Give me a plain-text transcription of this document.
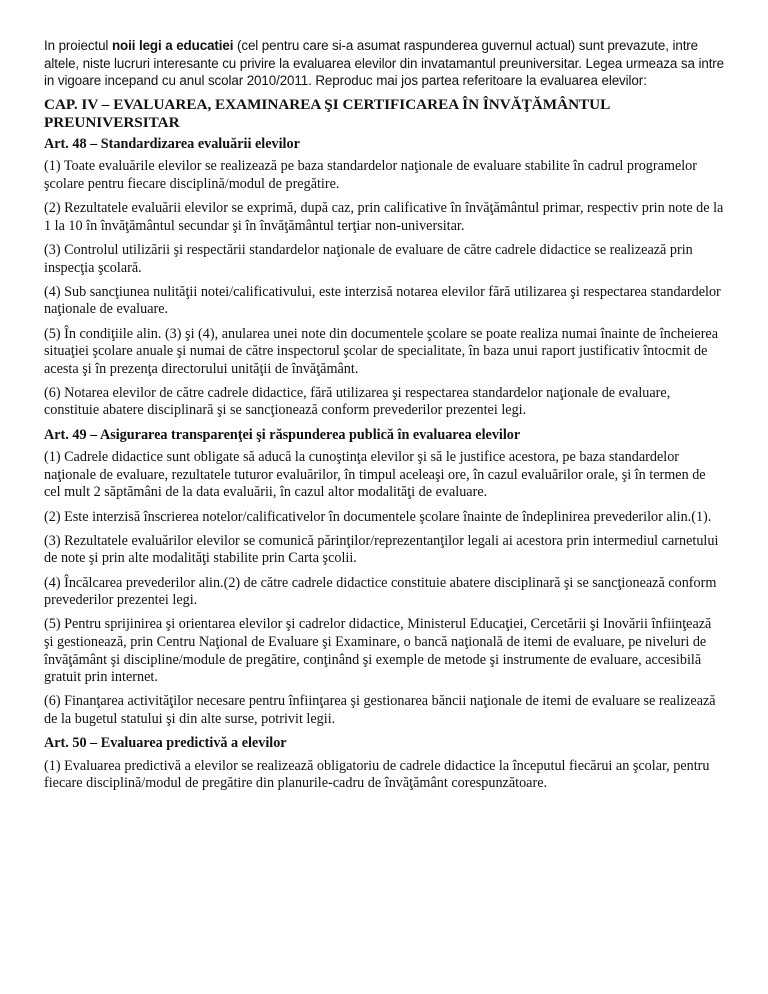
In proiectul noii legi a educatiei (cel pentru care si-a asumat raspunderea guvernul actual) sunt prevazute, intre altele, niste lucruri interesante cu privire la evaluarea elevilor din invatamantul preuniversitar. Legea urmeaza sa intre in vigoare incepand cu anul scolar 2010/2011. Reproduc mai jos partea referitoare la evaluarea elevilor:

CAP. IV – EVALUAREA, EXAMINAREA ŞI CERTIFICAREA ÎN ÎNVĂŢĂMÂNTUL PREUNIVERSITAR
Art. 48 – Standardizarea evaluării elevilor

(1) Toate evaluările elevilor se realizează pe baza standardelor naţionale de evaluare stabilite în cadrul programelor şcolare pentru fiecare disciplină/modul de pregătire.

(2) Rezultatele evaluării elevilor se exprimă, după caz, prin calificative în învăţământul primar, respectiv prin note de la 1 la 10 în învăţământul secundar şi în învăţământul terţiar non-universitar.

(3) Controlul utilizării şi respectării standardelor naţionale de evaluare de către cadrele didactice se realizează prin inspecţia şcolară.

(4) Sub sancţiunea nulităţii notei/calificativului, este interzisă notarea elevilor fără utilizarea şi respectarea standardelor naţionale de evaluare.

(5) În condiţiile alin. (3) şi (4), anularea unei note din documentele şcolare se poate realiza numai înainte de încheierea situaţiei şcolare anuale şi numai de către inspectorul şcolar de specialitate, în baza unui raport justificativ întocmit de acesta şi în prezenţa directorului unităţii de învăţământ.

(6) Notarea elevilor de către cadrele didactice, fără utilizarea şi respectarea standardelor naţionale de evaluare, constituie abatere disciplinară şi se sancţionează conform prevederilor prezentei legi.

Art. 49 – Asigurarea transparenţei şi răspunderea publică în evaluarea elevilor

(1) Cadrele didactice sunt obligate să aducă la cunoştinţa elevilor şi să le justifice acestora, pe baza standardelor naţionale de evaluare, rezultatele tuturor evaluărilor, în timpul aceleaşi ore, în cazul evaluărilor orale, şi în termen de cel mult 2 săptămâni de la data evaluării, în cazul altor modalităţi de evaluare.

(2) Este interzisă înscrierea notelor/calificativelor în documentele şcolare înainte de îndeplinirea prevederilor alin.(1).

(3) Rezultatele evaluărilor elevilor se comunică părinţilor/reprezentanţilor legali ai acestora prin intermediul carnetului de note şi prin alte modalităţi stabilite prin Carta şcolii.

(4) Încălcarea prevederilor alin.(2) de către cadrele didactice constituie abatere disciplinară şi se sancţionează conform prevederilor prezentei legi.

(5) Pentru sprijinirea şi orientarea elevilor şi cadrelor didactice, Ministerul Educaţiei, Cercetării şi Inovării înfiinţează şi gestionează, prin Centru Naţional de Evaluare şi Examinare, o bancă naţională de itemi de evaluare, pe niveluri de învăţământ şi discipline/module de pregătire, conţinând şi exemple de metode şi instrumente de evaluare, accesibilă gratuit prin internet.

(6) Finanţarea activităţilor necesare pentru înfiinţarea şi gestionarea băncii naţionale de itemi de evaluare se realizează de la bugetul statului şi din alte surse, potrivit legii.

Art. 50 – Evaluarea predictivă a elevilor

(1) Evaluarea predictivă a elevilor se realizează obligatoriu de cadrele didactice la începutul fiecărui an şcolar, pentru fiecare disciplină/modul de pregătire din planurile-cadru de învăţământ corespunzătoare.
